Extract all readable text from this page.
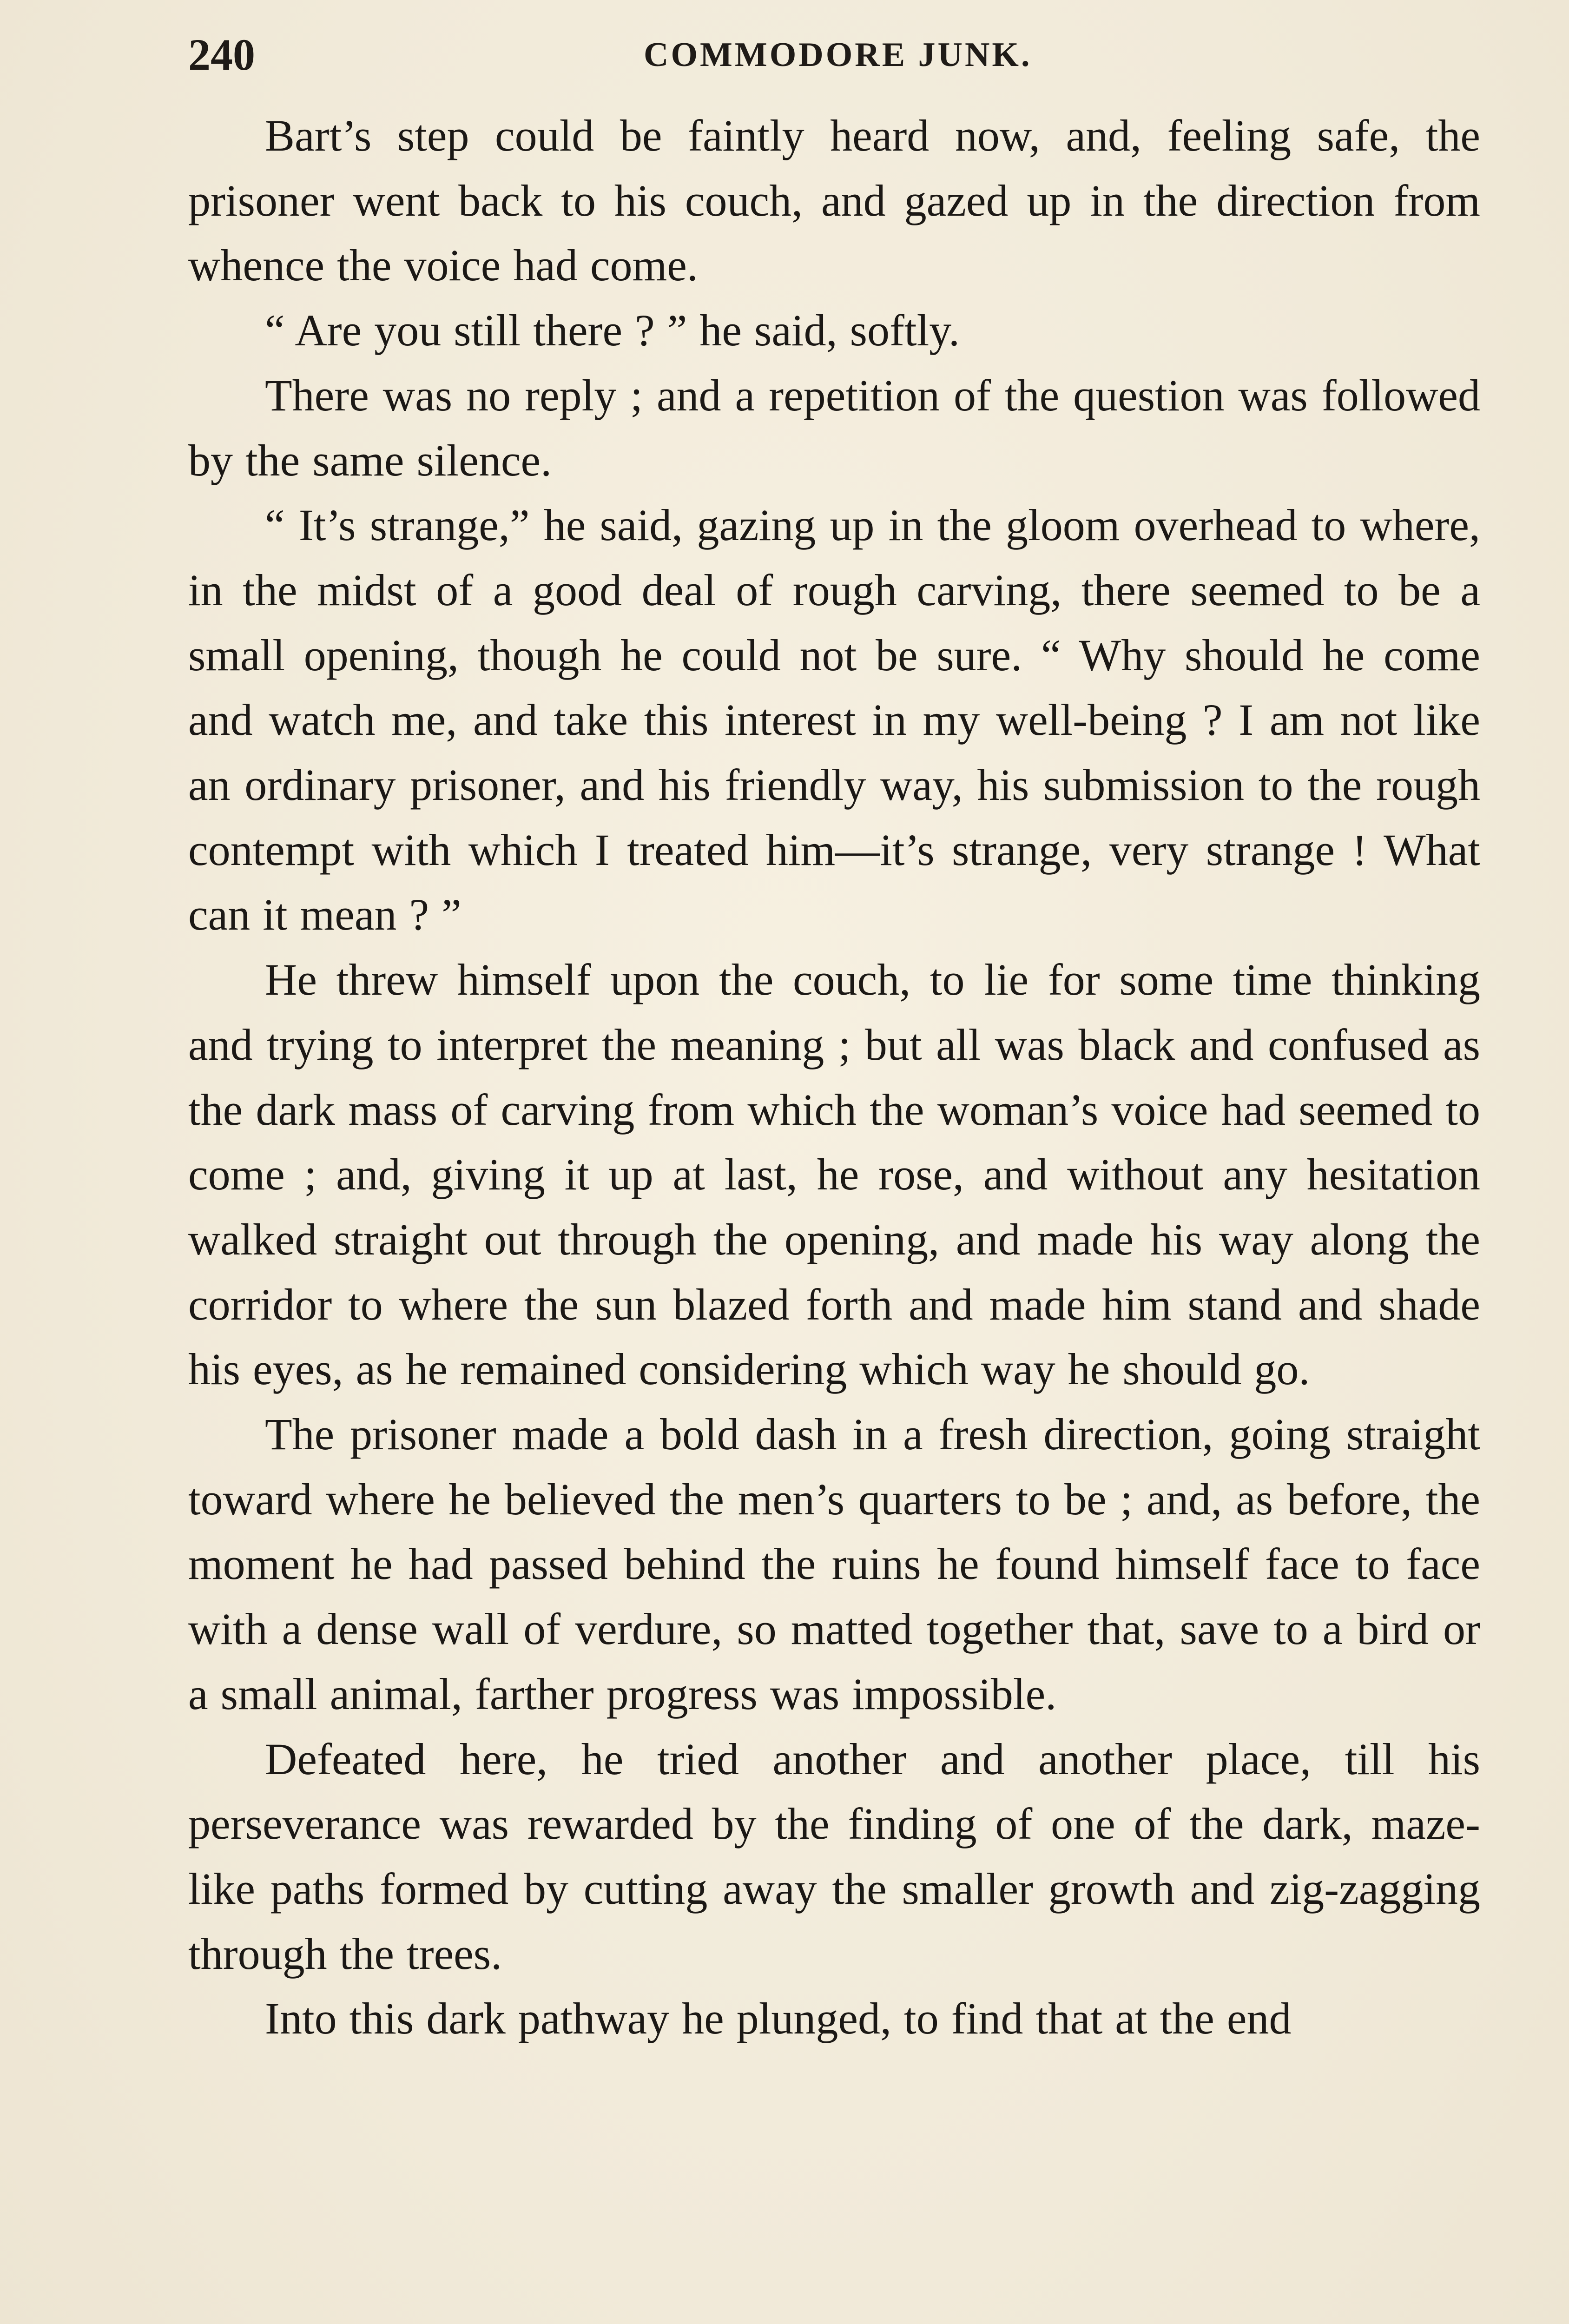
240	COMMODORE JUNK.

Bart’s step could be faintly heard now, and, feeling safe, the prisoner went back to his couch, and gazed up in the direction from whence the voice had come.

“ Are you still there ? ” he said, softly.

There was no reply ; and a repetition of the question was followed by the same silence.

“ It’s strange,” he said, gazing up in the gloom overhead to where, in the midst of a good deal of rough carving, there seemed to be a small opening, though he could not be sure. “ Why should he come and watch me, and take this interest in my well-being ? I am not like an ordinary prisoner, and his friendly way, his submission to the rough contempt with which I treated him—it’s strange, very strange ! What can it mean ? ”

He threw himself upon the couch, to lie for some time thinking and trying to interpret the meaning ; but all was black and confused as the dark mass of carving from which the woman’s voice had seemed to come ; and, giving it up at last, he rose, and without any hesitation walked straight out through the opening, and made his way along the corridor to where the sun blazed forth and made him stand and shade his eyes, as he remained considering which way he should go.

The prisoner made a bold dash in a fresh direction, going straight toward where he believed the men’s quarters to be ; and, as before, the moment he had passed behind the ruins he found himself face to face with a dense wall of verdure, so matted together that, save to a bird or a small animal, farther progress was impossible.

Defeated here, he tried another and another place, till his perseverance was rewarded by the finding of one of the dark, maze-like paths formed by cutting away the smaller growth and zig-zagging through the trees.

Into this dark pathway he plunged, to find that at the end
